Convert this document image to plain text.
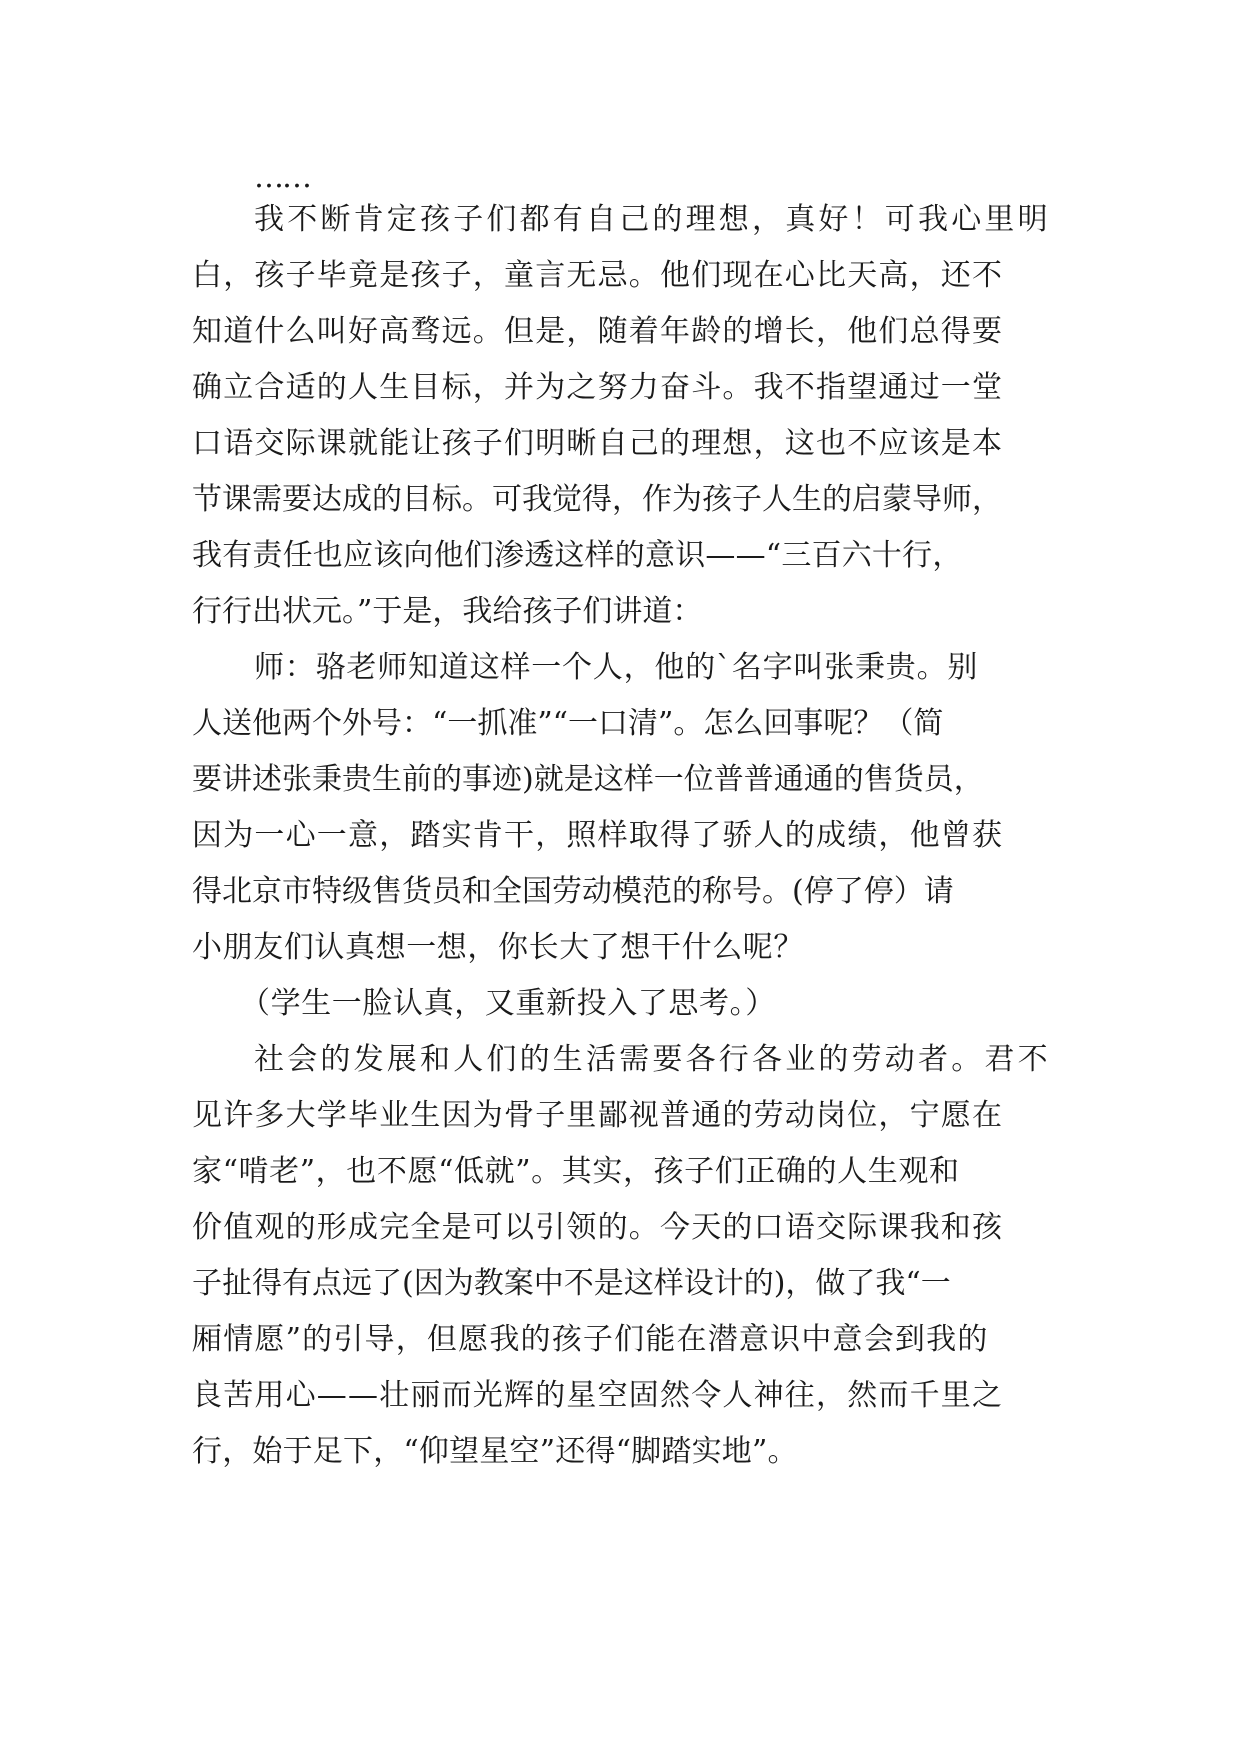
……
我不断肯定孩子们都有自己的理想，真好！可我心里明
白，孩子毕竟是孩子，童言无忌。他们现在心比天高，还不
知道什么叫好高骛远。但是，随着年龄的增长，他们总得要
确立合适的人生目标，并为之努力奋斗。我不指望通过一堂
口语交际课就能让孩子们明晰自己的理想，这也不应该是本
节课需要达成的目标。可我觉得，作为孩子人生的启蒙导师，
我有责任也应该向他们渗透这样的意识——“三百六十行，
行行出状元。”于是，我给孩子们讲道：
师：骆老师知道这样一个人，他的`名字叫张秉贵。别
人送他两个外号：“一抓准”“一口清”。怎么回事呢？（简
要讲述张秉贵生前的事迹)就是这样一位普普通通的售货员，
因为一心一意，踏实肯干，照样取得了骄人的成绩，他曾获
得北京市特级售货员和全国劳动模范的称号。(停了停）请
小朋友们认真想一想，你长大了想干什么呢？
（学生一脸认真，又重新投入了思考。）
社会的发展和人们的生活需要各行各业的劳动者。君不
见许多大学毕业生因为骨子里鄙视普通的劳动岗位，宁愿在
家“啃老”，也不愿“低就”。其实，孩子们正确的人生观和
价值观的形成完全是可以引领的。今天的口语交际课我和孩
子扯得有点远了(因为教案中不是这样设计的)，做了我“一
厢情愿”的引导，但愿我的孩子们能在潜意识中意会到我的
良苦用心——壮丽而光辉的星空固然令人神往，然而千里之
行，始于足下，“仰望星空”还得“脚踏实地”。
